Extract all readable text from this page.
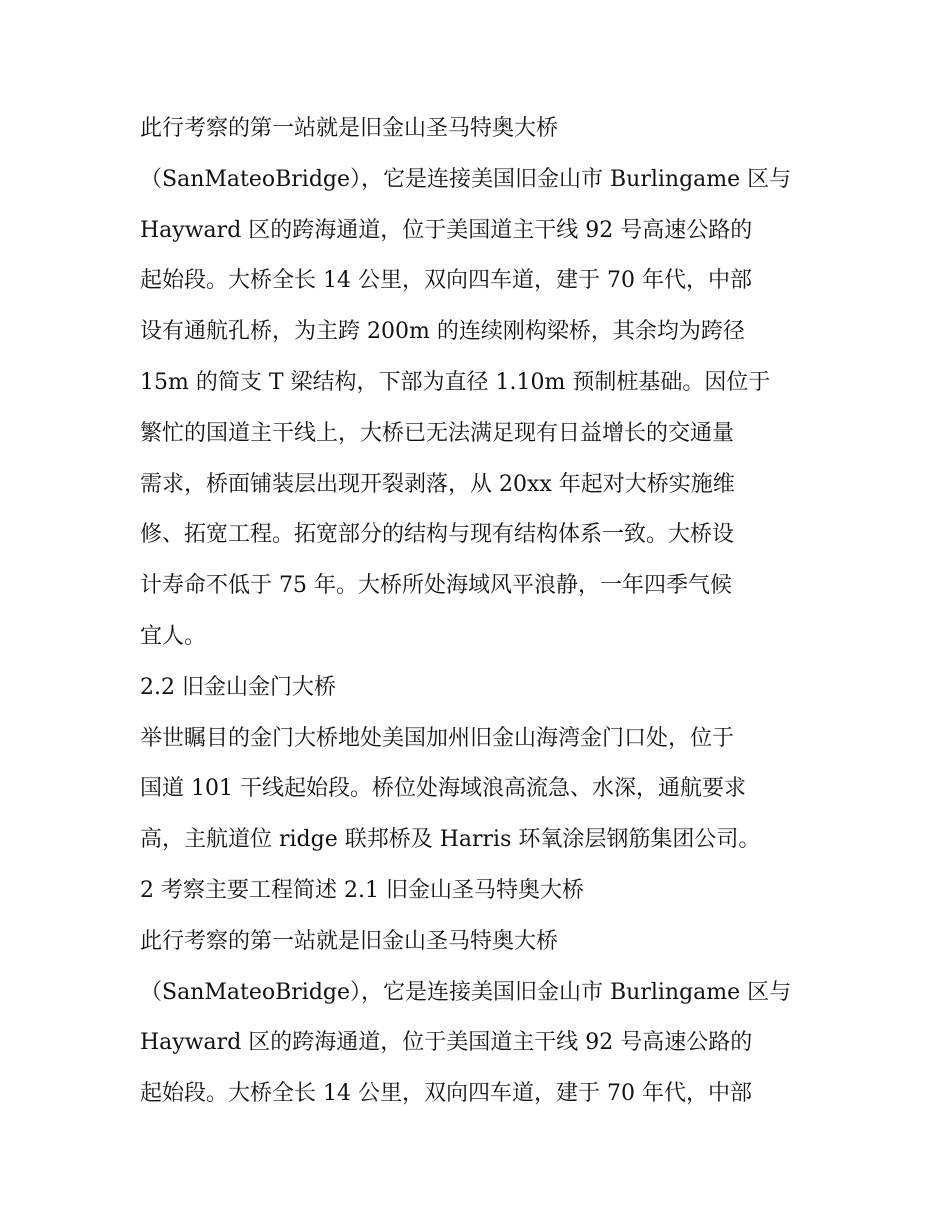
此行考察的第一站就是旧金山圣马特奥大桥
（SanMateoBridge），它是连接美国旧金山市 Burlingame 区与
Hayward 区的跨海通道，位于美国道主干线 92 号高速公路的
起始段。大桥全长 14 公里，双向四车道，建于 70 年代，中部
设有通航孔桥，为主跨 200m 的连续刚构梁桥，其余均为跨径
15m 的简支 T 梁结构，下部为直径 1.10m 预制桩基础。因位于
繁忙的国道主干线上，大桥已无法满足现有日益增长的交通量
需求，桥面铺装层出现开裂剥落，从 20xx 年起对大桥实施维
修、拓宽工程。拓宽部分的结构与现有结构体系一致。大桥设
计寿命不低于 75 年。大桥所处海域风平浪静，一年四季气候
宜人。
2.2 旧金山金门大桥
举世瞩目的金门大桥地处美国加州旧金山海湾金门口处，位于
国道 101 干线起始段。桥位处海域浪高流急、水深，通航要求
高，主航道位 ridge 联邦桥及 Harris 环氧涂层钢筋集团公司。
2 考察主要工程简述 2.1 旧金山圣马特奥大桥
此行考察的第一站就是旧金山圣马特奥大桥
（SanMateoBridge），它是连接美国旧金山市 Burlingame 区与
Hayward 区的跨海通道，位于美国道主干线 92 号高速公路的
起始段。大桥全长 14 公里，双向四车道，建于 70 年代，中部
